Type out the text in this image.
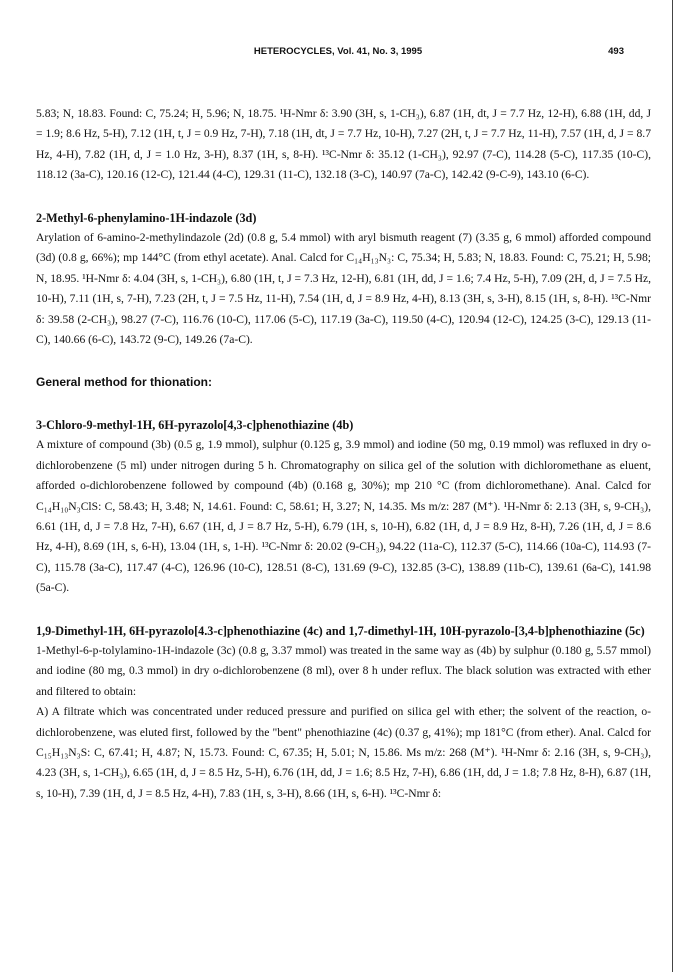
HETEROCYCLES, Vol. 41, No. 3, 1995	493

5.83; N, 18.83. Found: C, 75.24; H, 5.96; N, 18.75. ¹H-Nmr δ: 3.90 (3H, s, 1-CH₃), 6.87 (1H, dt, J = 7.7 Hz, 12-H), 6.88 (1H, dd, J = 1.9; 8.6 Hz, 5-H), 7.12 (1H, t, J = 0.9 Hz, 7-H), 7.18 (1H, dt, J = 7.7 Hz, 10-H), 7.27 (2H, t, J = 7.7 Hz, 11-H), 7.57 (1H, d, J = 8.7 Hz, 4-H), 7.82 (1H, d, J = 1.0 Hz, 3-H), 8.37 (1H, s, 8-H). ¹³C-Nmr δ: 35.12 (1-CH₃), 92.97 (7-C), 114.28 (5-C), 117.35 (10-C), 118.12 (3a-C), 120.16 (12-C), 121.44 (4-C), 129.31 (11-C), 132.18 (3-C), 140.97 (7a-C), 142.42 (9-C-9), 143.10 (6-C).

2-Methyl-6-phenylamino-1H-indazole (3d)

Arylation of 6-amino-2-methylindazole (2d) (0.8 g, 5.4 mmol) with aryl bismuth reagent (7) (3.35 g, 6 mmol) afforded compound (3d) (0.8 g, 66%); mp 144°C (from ethyl acetate). Anal. Calcd for C₁₄H₁₃N₃: C, 75.34; H, 5.83; N, 18.83. Found: C, 75.21; H, 5.98; N, 18.95. ¹H-Nmr δ: 4.04 (3H, s, 1-CH₃), 6.80 (1H, t, J = 7.3 Hz, 12-H), 6.81 (1H, dd, J = 1.6; 7.4 Hz, 5-H), 7.09 (2H, d, J = 7.5 Hz, 10-H), 7.11 (1H, s, 7-H), 7.23 (2H, t, J = 7.5 Hz, 11-H), 7.54 (1H, d, J = 8.9 Hz, 4-H), 8.13 (3H, s, 3-H), 8.15 (1H, s, 8-H). ¹³C-Nmr δ: 39.58 (2-CH₃), 98.27 (7-C), 116.76 (10-C), 117.06 (5-C), 117.19 (3a-C), 119.50 (4-C), 120.94 (12-C), 124.25 (3-C), 129.13 (11-C), 140.66 (6-C), 143.72 (9-C), 149.26 (7a-C).

General method for thionation:

3-Chloro-9-methyl-1H, 6H-pyrazolo[4,3-c]phenothiazine (4b)

A mixture of compound (3b) (0.5 g, 1.9 mmol), sulphur (0.125 g, 3.9 mmol) and iodine (50 mg, 0.19 mmol) was refluxed in dry o-dichlorobenzene (5 ml) under nitrogen during 5 h. Chromatography on silica gel of the solution with dichloromethane as eluent, afforded o-dichlorobenzene followed by compound (4b) (0.168 g, 30%); mp 210 °C (from dichloromethane). Anal. Calcd for C₁₄H₁₀N₃ClS: C, 58.43; H, 3.48; N, 14.61. Found: C, 58.61; H, 3.27; N, 14.35. Ms m/z: 287 (M⁺). ¹H-Nmr δ: 2.13 (3H, s, 9-CH₃), 6.61 (1H, d, J = 7.8 Hz, 7-H), 6.67 (1H, d, J = 8.7 Hz, 5-H), 6.79 (1H, s, 10-H), 6.82 (1H, d, J = 8.9 Hz, 8-H), 7.26 (1H, d, J = 8.6 Hz, 4-H), 8.69 (1H, s, 6-H), 13.04 (1H, s, 1-H). ¹³C-Nmr δ: 20.02 (9-CH₃), 94.22 (11a-C), 112.37 (5-C), 114.66 (10a-C), 114.93 (7-C), 115.78 (3a-C), 117.47 (4-C), 126.96 (10-C), 128.51 (8-C), 131.69 (9-C), 132.85 (3-C), 138.89 (11b-C), 139.61 (6a-C), 141.98 (5a-C).

1,9-Dimethyl-1H, 6H-pyrazolo[4.3-c]phenothiazine (4c) and 1,7-dimethyl-1H, 10H-pyrazolo-[3,4-b]phenothiazine (5c)

1-Methyl-6-p-tolylamino-1H-indazole (3c) (0.8 g, 3.37 mmol) was treated in the same way as (4b) by sulphur (0.180 g, 5.57 mmol) and iodine (80 mg, 0.3 mmol) in dry o-dichlorobenzene (8 ml), over 8 h under reflux. The black solution was extracted with ether and filtered to obtain:

A) A filtrate which was concentrated under reduced pressure and purified on silica gel with ether; the solvent of the reaction, o-dichlorobenzene, was eluted first, followed by the "bent" phenothiazine (4c) (0.37 g, 41%); mp 181°C (from ether). Anal. Calcd for C₁₅H₁₃N₃S: C, 67.41; H, 4.87; N, 15.73. Found: C, 67.35; H, 5.01; N, 15.86. Ms m/z: 268 (M⁺). ¹H-Nmr δ: 2.16 (3H, s, 9-CH₃), 4.23 (3H, s, 1-CH₃), 6.65 (1H, d, J = 8.5 Hz, 5-H), 6.76 (1H, dd, J = 1.6; 8.5 Hz, 7-H), 6.86 (1H, dd, J = 1.8; 7.8 Hz, 8-H), 6.87 (1H, s, 10-H), 7.39 (1H, d, J = 8.5 Hz, 4-H), 7.83 (1H, s, 3-H), 8.66 (1H, s, 6-H). ¹³C-Nmr δ:
